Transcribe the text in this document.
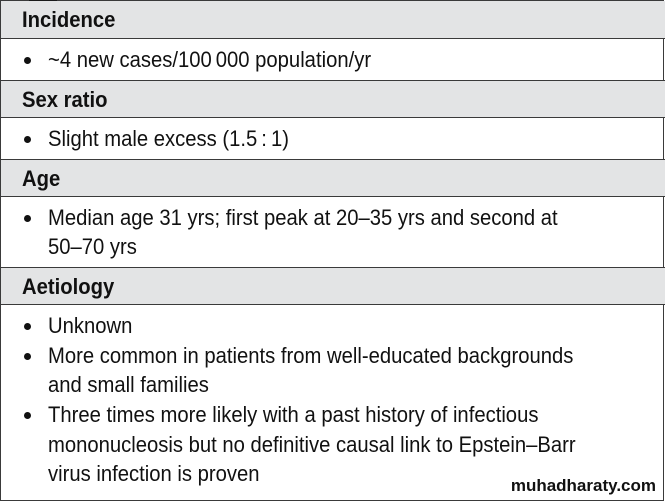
Incidence
~4 new cases/100 000 population/yr
Sex ratio
Slight male excess (1.5 : 1)
Age
Median age 31 yrs; first peak at 20–35 yrs and second at
50–70 yrs
Aetiology
Unknown
More common in patients from well-educated backgrounds
and small families
Three times more likely with a past history of infectious
mononucleosis but no definitive causal link to Epstein–Barr
virus infection is proven	muhadharaty.com
